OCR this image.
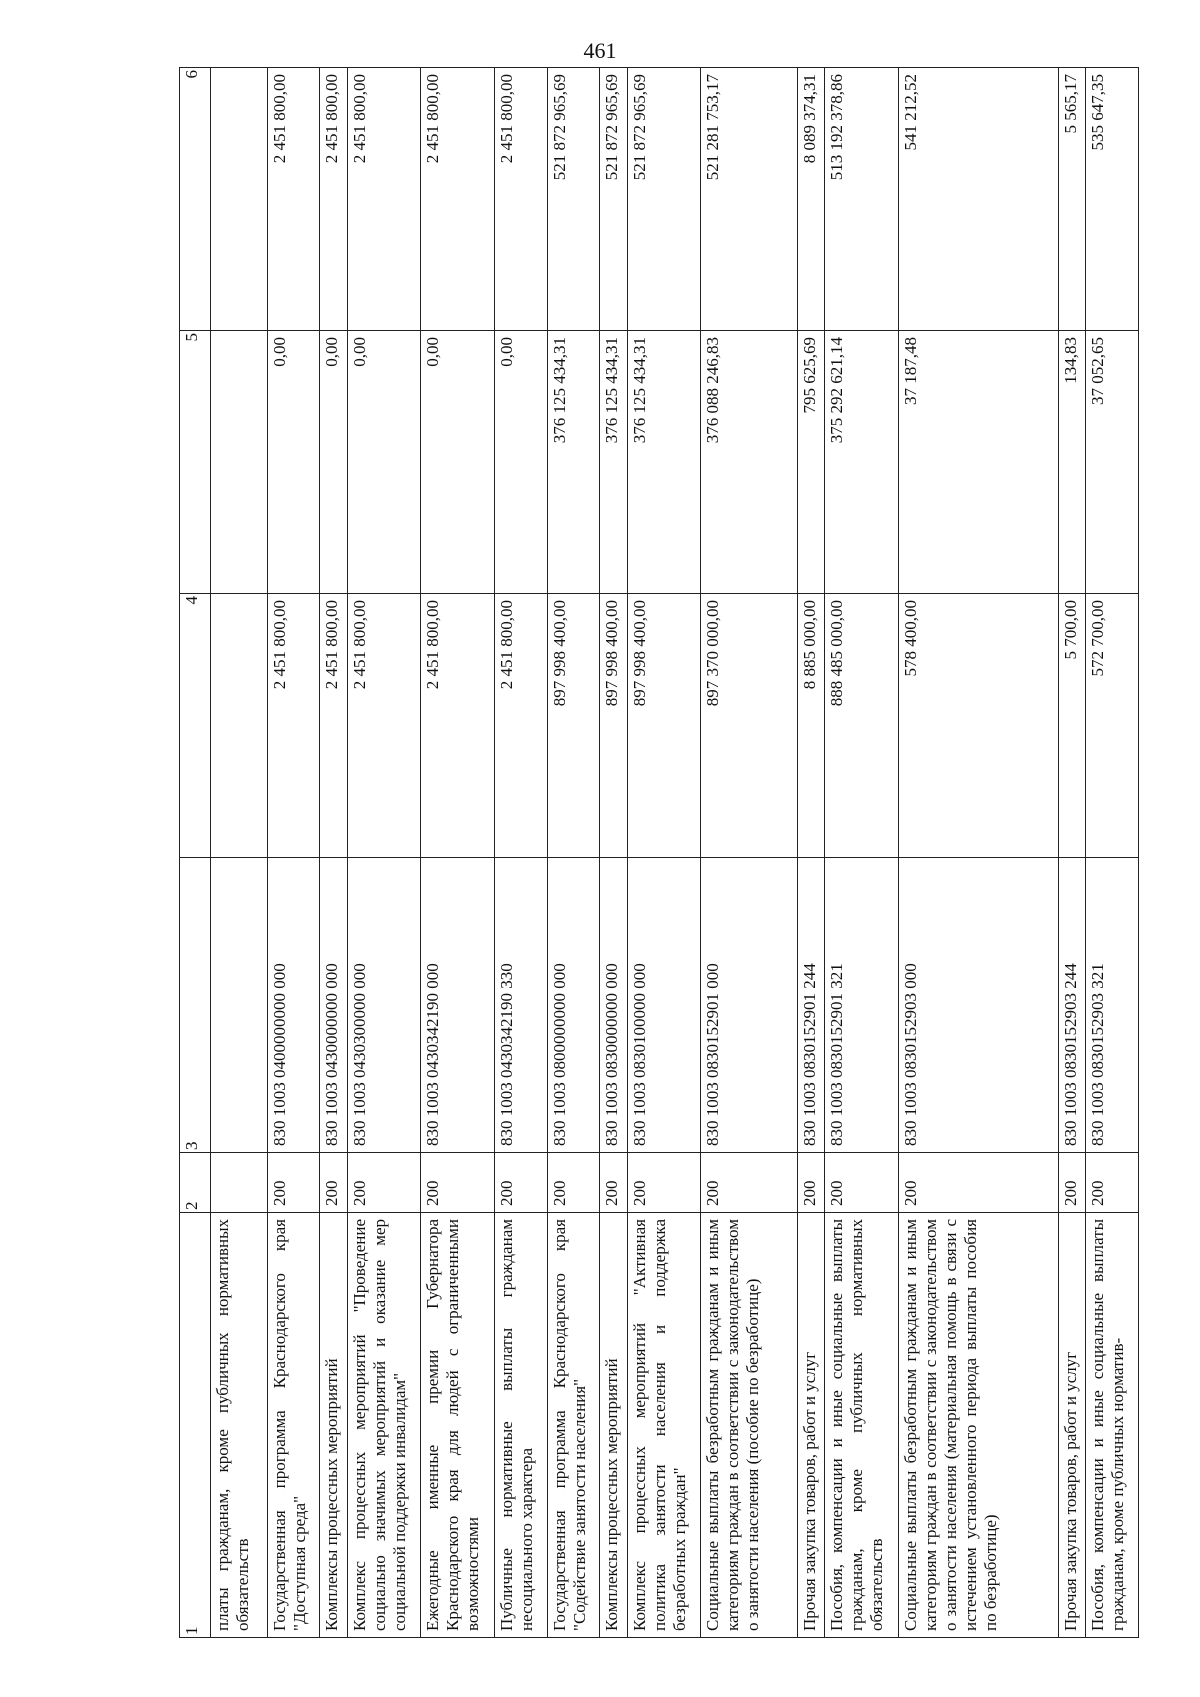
461
1	2	3	4	5	6
платы гражданам, кроме публичных нормативных обязательств					
Государственная программа Краснодарского края "Доступная среда"	200	830 1003 0400000000 000	2 451 800,00	0,00	2 451 800,00
Комплексы процессных мероприятий	200	830 1003 0430000000 000	2 451 800,00	0,00	2 451 800,00
Комплекс процессных мероприятий "Проведение социально значимых мероприятий и оказание мер социальной поддержки инвалидам"	200	830 1003 0430300000 000	2 451 800,00	0,00	2 451 800,00
Ежегодные именные премии Губернатора Краснодарского края для людей с ограниченными возможностями	200	830 1003 0430342190 000	2 451 800,00	0,00	2 451 800,00
Публичные нормативные выплаты гражданам несоциального характера	200	830 1003 0430342190 330	2 451 800,00	0,00	2 451 800,00
Государственная программа Краснодарского края "Содействие занятости населения"	200	830 1003 0800000000 000	897 998 400,00	376 125 434,31	521 872 965,69
Комплексы процессных мероприятий	200	830 1003 0830000000 000	897 998 400,00	376 125 434,31	521 872 965,69
Комплекс процессных мероприятий "Активная политика занятости населения и поддержка безработных граждан"	200	830 1003 0830100000 000	897 998 400,00	376 125 434,31	521 872 965,69
Социальные выплаты безработным гражданам и иным категориям граждан в соответствии с законодательством о занятости населения (пособие по безработице)	200	830 1003 0830152901 000	897 370 000,00	376 088 246,83	521 281 753,17
Прочая закупка товаров, работ и услуг	200	830 1003 0830152901 244	8 885 000,00	795 625,69	8 089 374,31
Пособия, компенсации и иные социальные выплаты гражданам, кроме публичных нормативных обязательств	200	830 1003 0830152901 321	888 485 000,00	375 292 621,14	513 192 378,86
Социальные выплаты безработным гражданам и иным категориям граждан в соответствии с законодательством о занятости населения (материальная помощь в связи с истечением установленного периода выплаты пособия по безработице)	200	830 1003 0830152903 000	578 400,00	37 187,48	541 212,52
Прочая закупка товаров, работ и услуг	200	830 1003 0830152903 244	5 700,00	134,83	5 565,17
Пособия, компенсации и иные социальные выплаты гражданам, кроме публичных норматив-	200	830 1003 0830152903 321	572 700,00	37 052,65	535 647,35
